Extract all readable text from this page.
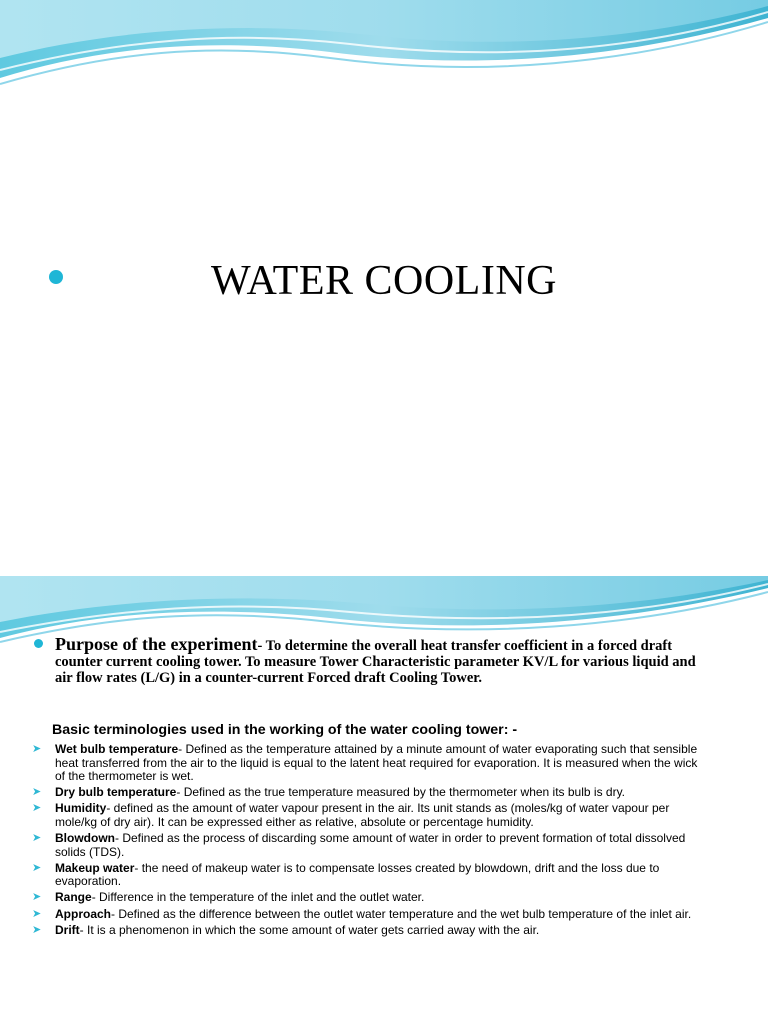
WATER COOLING
Purpose of the experiment- To determine the overall heat transfer coefficient in a forced draft counter current cooling tower. To measure Tower Characteristic parameter KV/L for various liquid and air flow rates (L/G) in a counter-current Forced draft Cooling Tower.
Basic terminologies used in the working of the water cooling tower: -
➤ Wet bulb temperature- Defined as the temperature attained by a minute amount of water evaporating such that sensible heat transferred from the air to the liquid is equal to the latent heat required for evaporation. It is measured when the wick of the thermometer is wet.
➤ Dry bulb temperature- Defined as the true temperature measured by the thermometer when its bulb is dry.
➤ Humidity- defined as the amount of water vapour present in the air. Its unit stands as (moles/kg of water vapour per mole/kg of dry air). It can be expressed either as relative, absolute or percentage humidity.
➤ Blowdown- Defined as the process of discarding some amount of water in order to prevent formation of total dissolved solids (TDS).
➤ Makeup water- the need of makeup water is to compensate losses created by blowdown, drift and the loss due to evaporation.
➤ Range- Difference in the temperature of the inlet and the outlet water.
➤ Approach- Defined as the difference between the outlet water temperature and the wet bulb temperature of the inlet air.
➤ Drift- It is a phenomenon in which the some amount of water gets carried away with the air.
